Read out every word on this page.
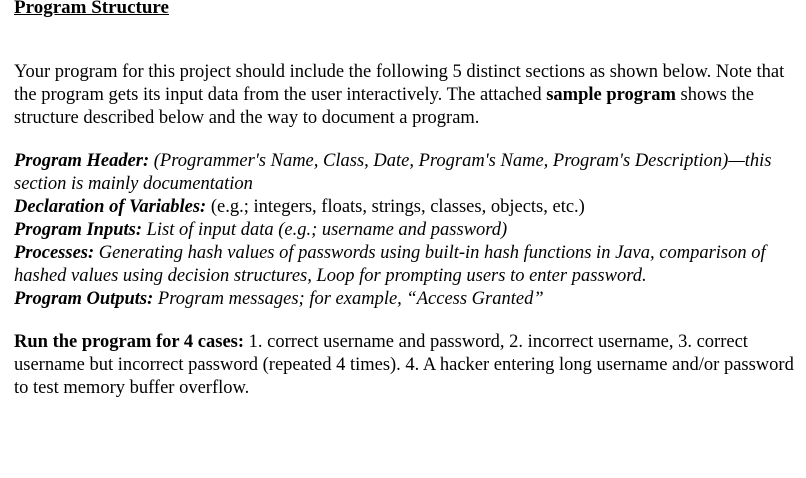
Program Structure

Your program for this project should include the following 5 distinct sections as shown below. Note that the program gets its input data from the user interactively. The attached sample program shows the structure described below and the way to document a program.

Program Header: (Programmer's Name, Class, Date, Program's Name, Program's Description)—this section is mainly documentation
Declaration of Variables: (e.g.; integers, floats, strings, classes, objects, etc.)
Program Inputs: List of input data (e.g.; username and password)
Processes: Generating hash values of passwords using built-in hash functions in Java, comparison of hashed values using decision structures, Loop for prompting users to enter password.
Program Outputs: Program messages; for example, “Access Granted”

Run the program for 4 cases: 1. correct username and password, 2. incorrect username, 3. correct username but incorrect password (repeated 4 times). 4. A hacker entering long username and/or password to test memory buffer overflow.
